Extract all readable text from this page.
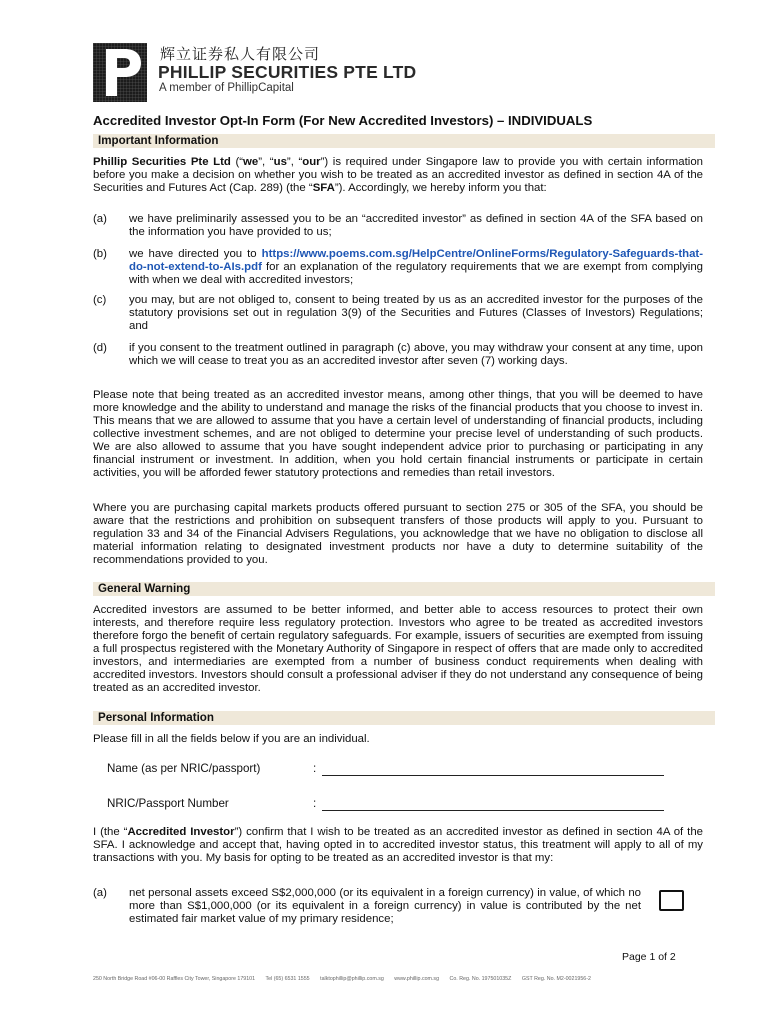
辉立证券私人有限公司
PHILLIP SECURITIES PTE LTD
A member of PhillipCapital
Accredited Investor Opt-In Form (For New Accredited Investors) – INDIVIDUALS
Important Information

Phillip Securities Pte Ltd (“we”, “us”, “our”) is required under Singapore law to provide you with certain information before you make a decision on whether you wish to be treated as an accredited investor as defined in section 4A of the Securities and Futures Act (Cap. 289) (the “SFA”). Accordingly, we hereby inform you that:

(a) we have preliminarily assessed you to be an “accredited investor” as defined in section 4A of the SFA based on the information you have provided to us;
(b) we have directed you to https://www.poems.com.sg/HelpCentre/OnlineForms/Regulatory-Safeguards-that-do-not-extend-to-AIs.pdf for an explanation of the regulatory requirements that we are exempt from complying with when we deal with accredited investors;
(c) you may, but are not obliged to, consent to being treated by us as an accredited investor for the purposes of the statutory provisions set out in regulation 3(9) of the Securities and Futures (Classes of Investors) Regulations; and
(d) if you consent to the treatment outlined in paragraph (c) above, you may withdraw your consent at any time, upon which we will cease to treat you as an accredited investor after seven (7) working days.

Please note that being treated as an accredited investor means, among other things, that you will be deemed to have more knowledge and the ability to understand and manage the risks of the financial products that you choose to invest in. This means that we are allowed to assume that you have a certain level of understanding of financial products, including collective investment schemes, and are not obliged to determine your precise level of understanding of such products. We are also allowed to assume that you have sought independent advice prior to purchasing or participating in any financial instrument or investment. In addition, when you hold certain financial instruments or participate in certain activities, you will be afforded fewer statutory protections and remedies than retail investors.

Where you are purchasing capital markets products offered pursuant to section 275 or 305 of the SFA, you should be aware that the restrictions and prohibition on subsequent transfers of those products will apply to you. Pursuant to regulation 33 and 34 of the Financial Advisers Regulations, you acknowledge that we have no obligation to disclose all material information relating to designated investment products nor have a duty to determine suitability of the recommendations provided to you.

General Warning

Accredited investors are assumed to be better informed, and better able to access resources to protect their own interests, and therefore require less regulatory protection. Investors who agree to be treated as accredited investors therefore forgo the benefit of certain regulatory safeguards. For example, issuers of securities are exempted from issuing a full prospectus registered with the Monetary Authority of Singapore in respect of offers that are made only to accredited investors, and intermediaries are exempted from a number of business conduct requirements when dealing with accredited investors. Investors should consult a professional adviser if they do not understand any consequence of being treated as an accredited investor.

Personal Information

Please fill in all the fields below if you are an individual.

Name (as per NRIC/passport)	:
NRIC/Passport Number	:

I (the “Accredited Investor”) confirm that I wish to be treated as an accredited investor as defined in section 4A of the SFA. I acknowledge and accept that, having opted in to accredited investor status, this treatment will apply to all of my transactions with you. My basis for opting to be treated as an accredited investor is that my:

(a) net personal assets exceed S$2,000,000 (or its equivalent in a foreign currency) in value, of which no more than S$1,000,000 (or its equivalent in a foreign currency) in value is contributed by the net estimated fair market value of my primary residence;
Page 1 of 2
250 North Bridge Road #06-00 Raffles City Tower, Singapore 179101 Tel (65) 6531 1555 talktophillip@phillip.com.sg www.phillip.com.sg Co. Reg. No. 197501035Z GST Reg. No. M2-0021956-2
